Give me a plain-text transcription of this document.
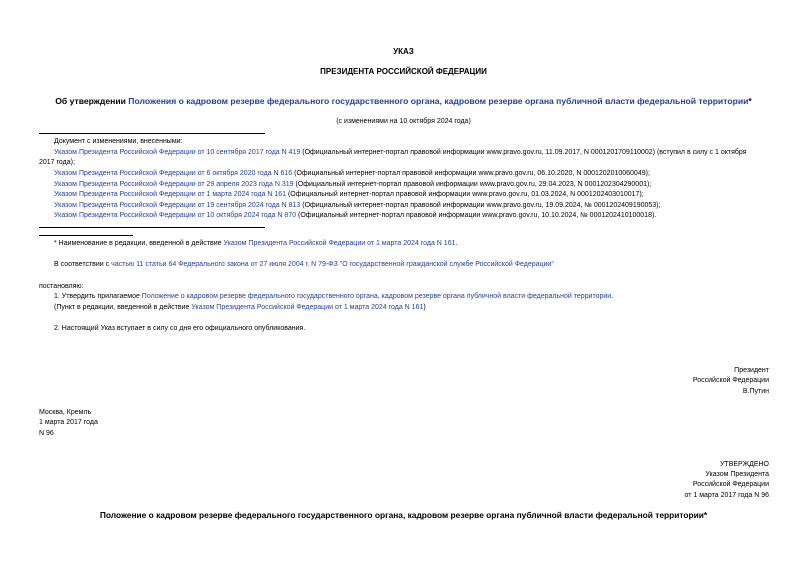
УКАЗ
ПРЕЗИДЕНТА РОССИЙСКОЙ ФЕДЕРАЦИИ
Об утверждении Положения о кадровом резерве федерального государственного органа, кадровом резерве органа публичной власти федеральной территории*
(с изменениями на 10 октября 2024 года)
Документ с изменениями, внесенными:
Указом Президента Российской Федерации от 10 сентября 2017 года N 419 (Официальный интернет-портал правовой информации www.pravo.gov.ru, 11.09.2017, N 0001201709110002) (вступил в силу с 1 октября
2017 года);
Указом Президента Российской Федерации от 6 октября 2020 года N 616 (Официальный интернет-портал правовой информации www.pravo.gov.ru, 06.10.2020, N 0001202010060049);
Указом Президента Российской Федерации от 29 апреля 2023 года N 319 (Официальный интернет-портал правовой информации www.pravo.gov.ru, 29.04.2023, N 0001202304290001);
Указом Президента Российской Федерации от 1 марта 2024 года N 161 (Официальный интернет-портал правовой информации www.pravo.gov.ru, 01.03.2024, N 0001202403010017);
Указом Президента Российской Федерации от 19 сентября 2024 года N 813 (Официальный интернет-портал правовой информации www.pravo.gov.ru, 19.09.2024, № 0001202409190053);
Указом Президента Российской Федерации от 10 октября 2024 года N 870 (Официальный интернет-портал правовой информации www.pravo.gov.ru, 10.10.2024, № 0001202410100018).
* Наименование в редакции, введенной в действие Указом Президента Российской Федерации от 1 марта 2024 года N 161.
В соответствии с частью 11 статьи 64 Федерального закона от 27 июля 2004 г. N 79-ФЗ "О государственной гражданской службе Российской Федерации"
постановляю:
1. Утвердить прилагаемое Положение о кадровом резерве федерального государственного органа, кадровом резерве органа публичной власти федеральной территории.
(Пункт в редакции, введенной в действие Указом Президента Российской Федерации от 1 марта 2024 года N 161)
2. Настоящий Указ вступает в силу со дня его официального опубликования.
Президент
Российской Федерации
В.Путин
Москва, Кремль
1 марта 2017 года
N 96
УТВЕРЖДЕНО
Указом Президента
Российской Федерации
от 1 марта 2017 года N 96
Положение о кадровом резерве федерального государственного органа, кадровом резерве органа публичной власти федеральной территории*
